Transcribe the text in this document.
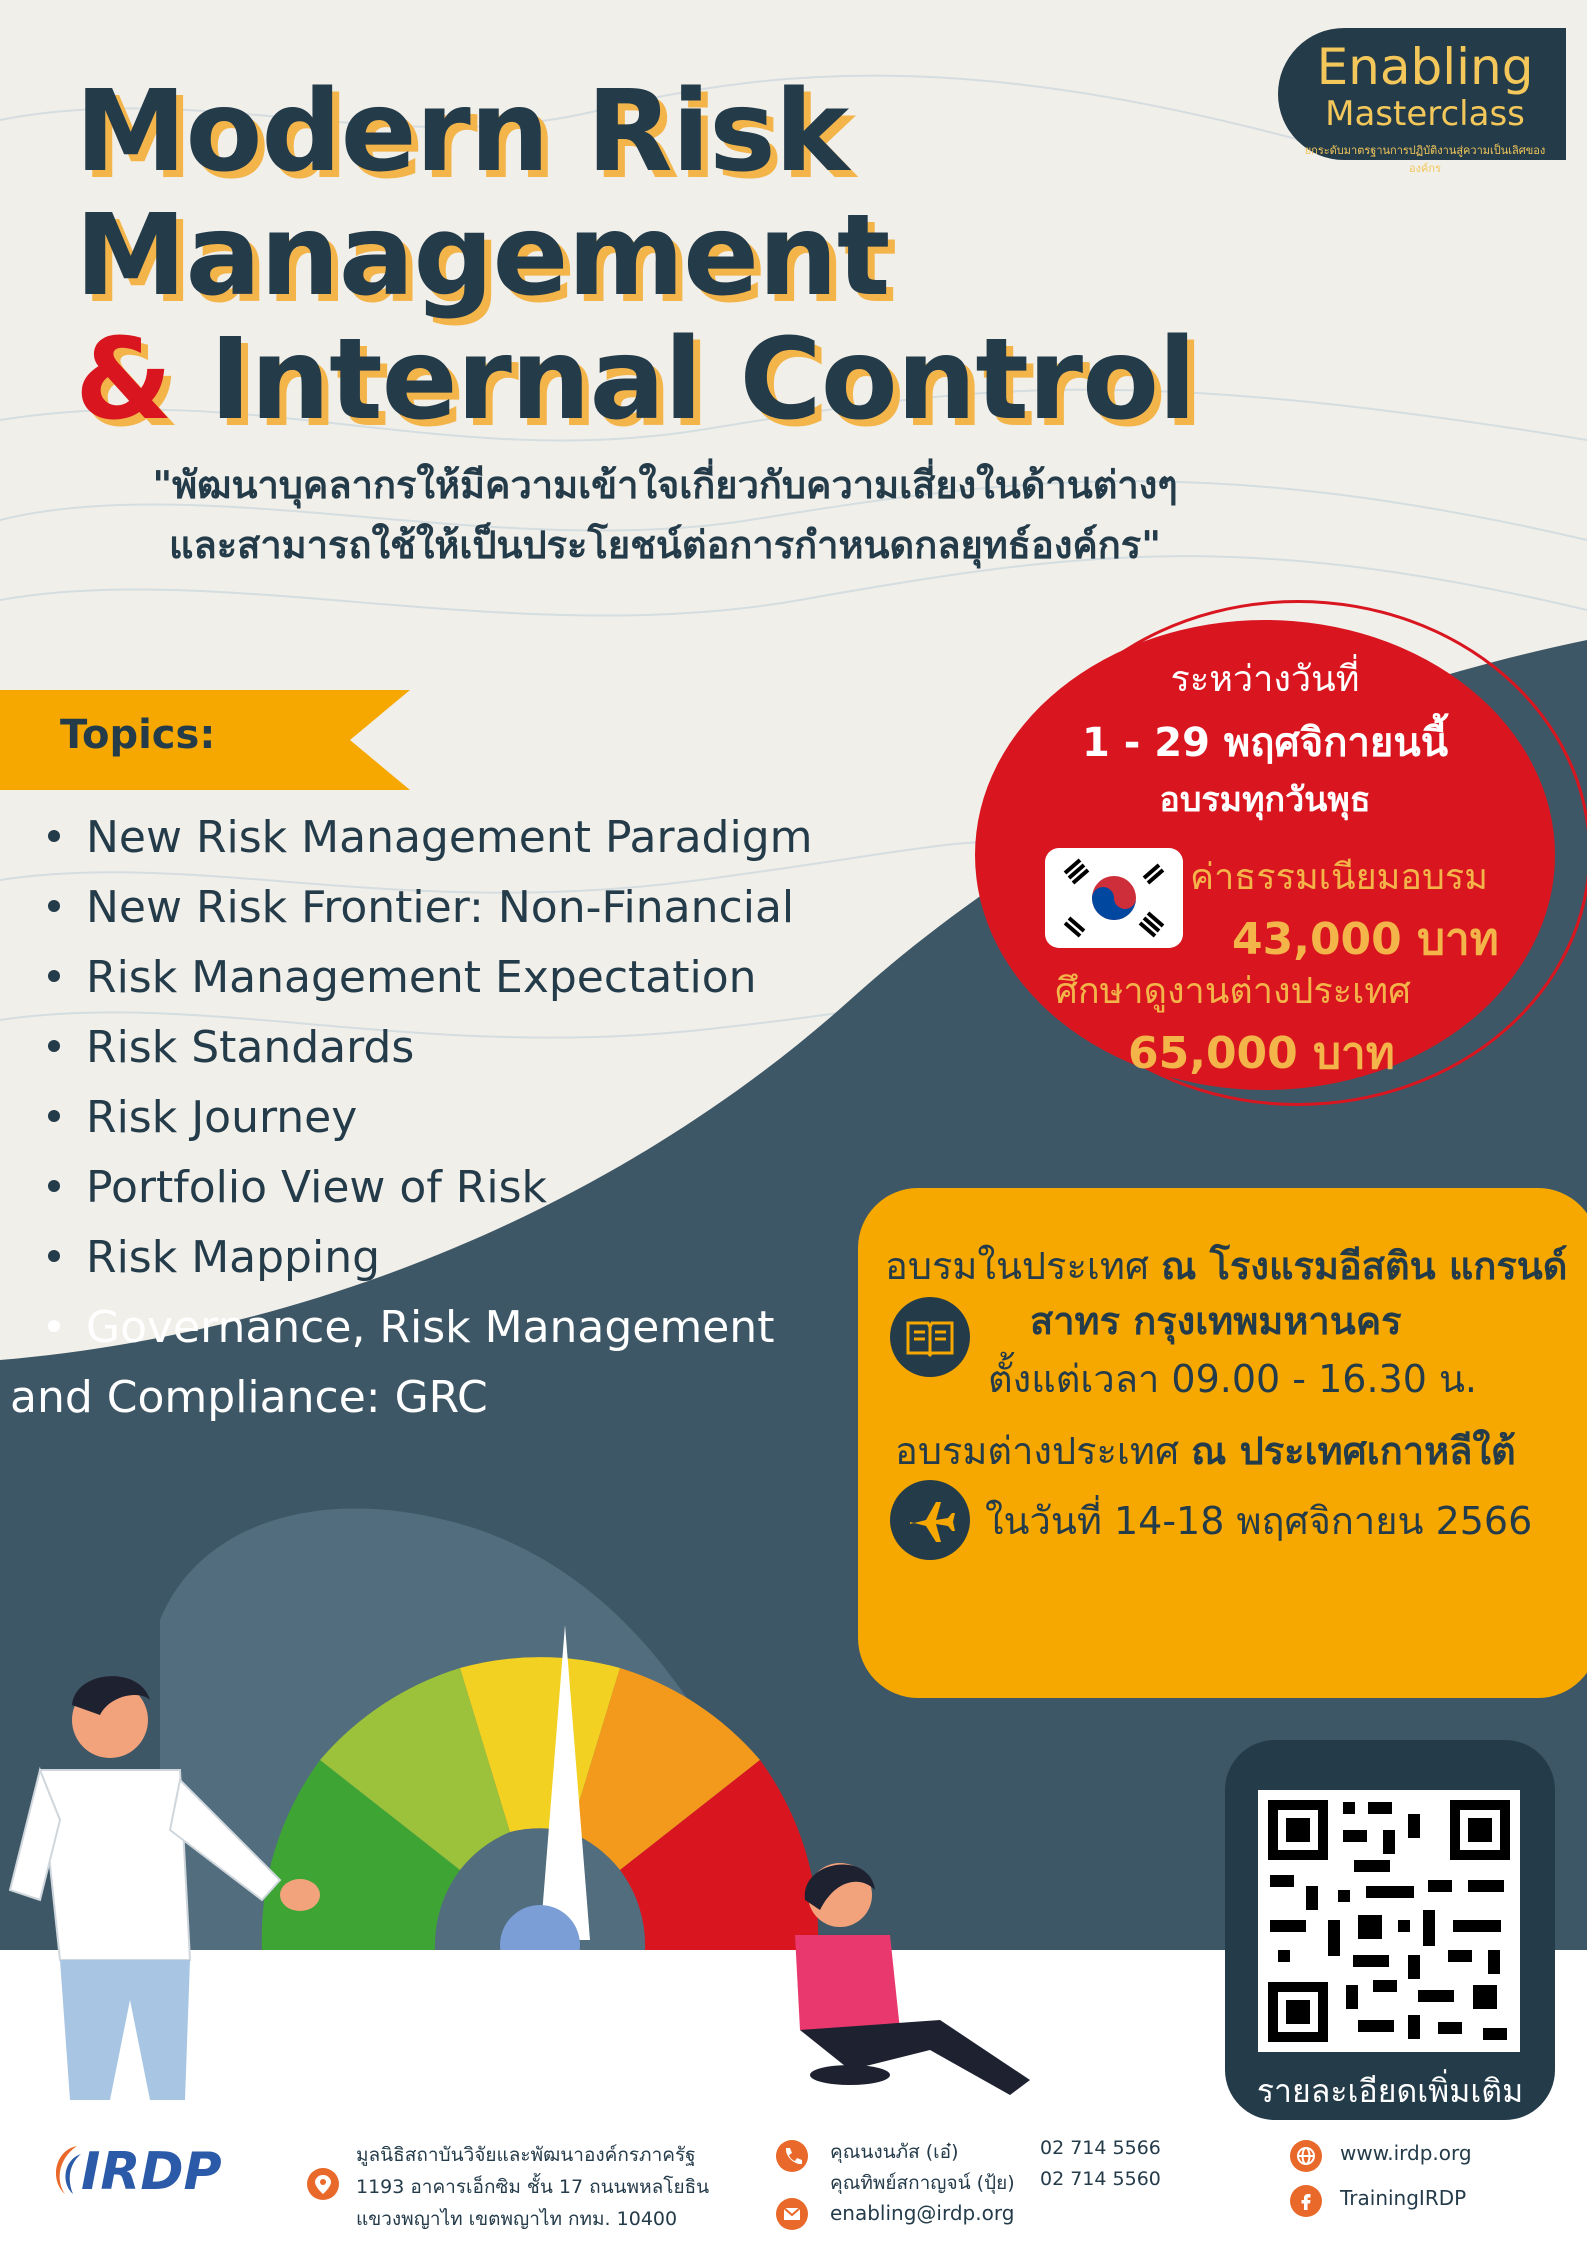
Enabling
Masterclass
ยกระดับมาตรฐานการปฏิบัติงานสู่ความเป็นเลิศขององค์กร
Modern Risk
Management
& Internal Control
"พัฒนาบุคลากรให้มีความเข้าใจเกี่ยวกับความเสี่ยงในด้านต่างๆ
และสามารถใช้ให้เป็นประโยชน์ต่อการกำหนดกลยุทธ์องค์กร"
Topics:
New Risk Management Paradigm
New Risk Frontier: Non-Financial
Risk Management Expectation
Risk Standards
Risk Journey
Portfolio View of Risk
Risk Mapping
Governance, Risk Management
and Compliance: GRC
ระหว่างวันที่
1 - 29 พฤศจิกายนนี้
อบรมทุกวันพุธ
ค่าธรรมเนียมอบรม
43,000 บาท
ศึกษาดูงานต่างประเทศ
65,000 บาท
อบรมในประเทศ ณ โรงแรมอีสติน แกรนด์
สาทร กรุงเทพมหานคร
ตั้งแต่เวลา 09.00 - 16.30 น.
อบรมต่างประเทศ ณ ประเทศเกาหลีใต้
ในวันที่ 14-18 พฤศจิกายน 2566
รายละเอียดเพิ่มเติม
IRDP	มูลนิธิสถาบันวิจัยและพัฒนาองค์กรภาครัฐ
1193 อาคารเอ็กซิม ชั้น 17 ถนนพหลโยธิน
แขวงพญาไท เขตพญาไท กทม. 10400
คุณนงนภัส (เอ๋)	02 714 5566
คุณทิพย์สกาญจน์ (ปุ้ย) 02 714 5560
enabling@irdp.org
www.irdp.org
TrainingIRDP
